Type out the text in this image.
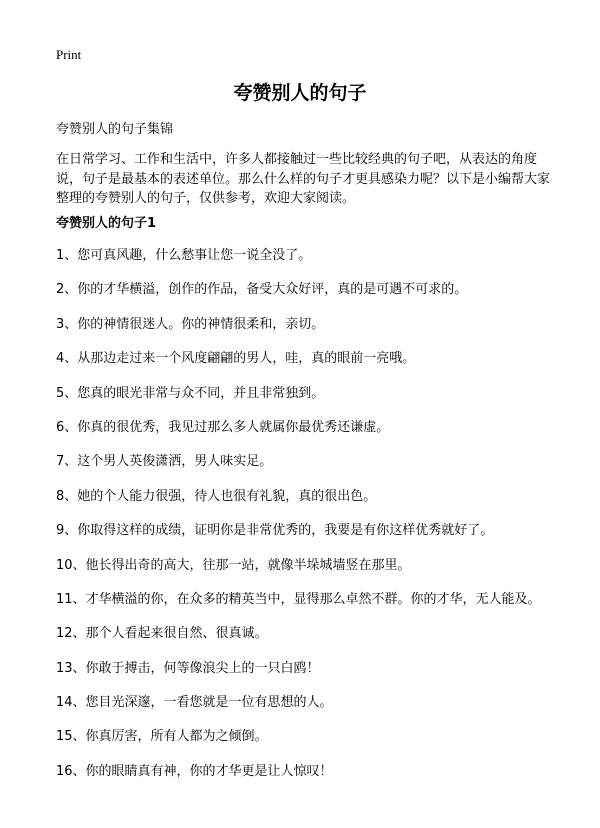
Print
夸赞别人的句子
夸赞别人的句子集锦

在日常学习、工作和生活中，许多人都接触过一些比较经典的句子吧，从表达的角度说，句子是最基本的表述单位。那么什么样的句子才更具感染力呢？以下是小编帮大家整理的夸赞别人的句子，仅供参考，欢迎大家阅读。

夸赞别人的句子1
1、您可真风趣，什么愁事让您一说全没了。
2、你的才华横溢，创作的作品，备受大众好评，真的是可遇不可求的。
3、你的神情很迷人。你的神情很柔和，亲切。
4、从那边走过来一个风度翩翩的男人，哇，真的眼前一亮哦。
5、您真的眼光非常与众不同，并且非常独到。
6、你真的很优秀，我见过那么多人就属你最优秀还谦虚。
7、这个男人英俊潇洒，男人味实足。
8、她的个人能力很强，待人也很有礼貌，真的很出色。
9、你取得这样的成绩，证明你是非常优秀的，我要是有你这样优秀就好了。
10、他长得出奇的高大，往那一站，就像半垛城墙竖在那里。
11、才华横溢的你，在众多的精英当中，显得那么卓然不群。你的才华，无人能及。
12、那个人看起来很自然、很真诚。
13、你敢于搏击，何等像浪尖上的一只白鸥！
14、您目光深邃，一看您就是一位有思想的人。
15、你真厉害，所有人都为之倾倒。
16、你的眼睛真有神，你的才华更是让人惊叹！
